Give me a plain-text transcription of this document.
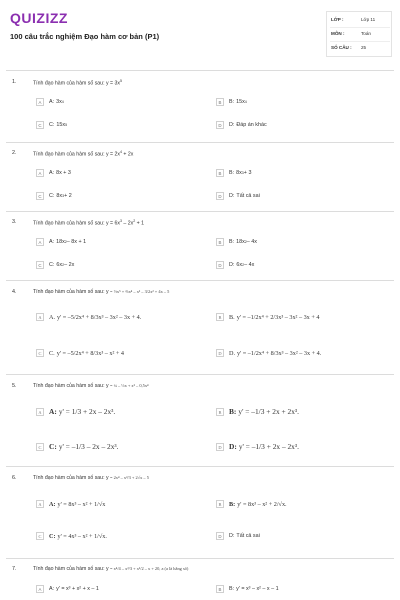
QUIZIZZ
100 câu trắc nghiệm Đạo hàm cơ bản (P1)
LỚP :	Lớp 11
MÔN :	Toán
SỐ CÂU : 25
1.	Tính đạo hàm của hàm số sau: $y = 3x^5$
A	A: 3x 4	B	B: 15x 4
C	C: 15x 5	D	D: Đáp án khác
2.	Tính đạo hàm của hàm số sau: $y = 2x^4 + 2x$
A	A: 8x + 3	B	B: 8x 3 + 3
C	C: 8x 3 + 2	D	D: Tất cả sai
3.	Tính đạo hàm của hàm số sau: $y = 6x^3 - 2x^2 + 1$
A	A: 18x 2 – 8x + 1	B	B: 18x 2 – 4x
C	C: 6x 2 – 2x	D	D: 6x 2 – 4x
4.	Tính đạo hàm của hàm số sau: y = ½x⁵ + ⅔x⁴ – x³ – 3/2x² + 4x – 5
A	A. y' = –5/2x⁴ + 8/3x³ – 3x² – 3x + 4.	B	B. y' = –1/2x⁴ + 2/3x³ – 3x² – 3x + 4
C	C. y' = –5/2x⁴ + 8/3x³ – x² + 4	D	D. y' = –1/2x⁴ + 8/3x³ – 3x² – 3x + 4.
5.	Tính đạo hàm của hàm số sau: y = ¼ – ⅓x + x² – 0,5x⁴
A	A: y' = 1/3 + 2x – 2x³.	B	B: y' = –1/3 + 2x + 2x³.
C	C: y' = –1/3 – 2x – 2x³.	D	D: y' = –1/3 + 2x – 2x³.
6.	Tính đạo hàm của hàm số sau: y = 2x⁴ – x³/3 + 2√x – 5
A	A: y' = 8x³ – x² + 1/√x	B	B: y' = 8x³ – x² + 2/√x.
C	C: y' = 4x³ – x² + 1/√x.	D	D: Tất cả sai
7.	Tính đạo hàm của hàm số sau: y = x⁴/4 – x³/3 + x²/2 – x + 20, a (a là hằng số)
A	A: y' = x³ + x² + x – 1	B	B: y' = x³ – x² – x – 1
